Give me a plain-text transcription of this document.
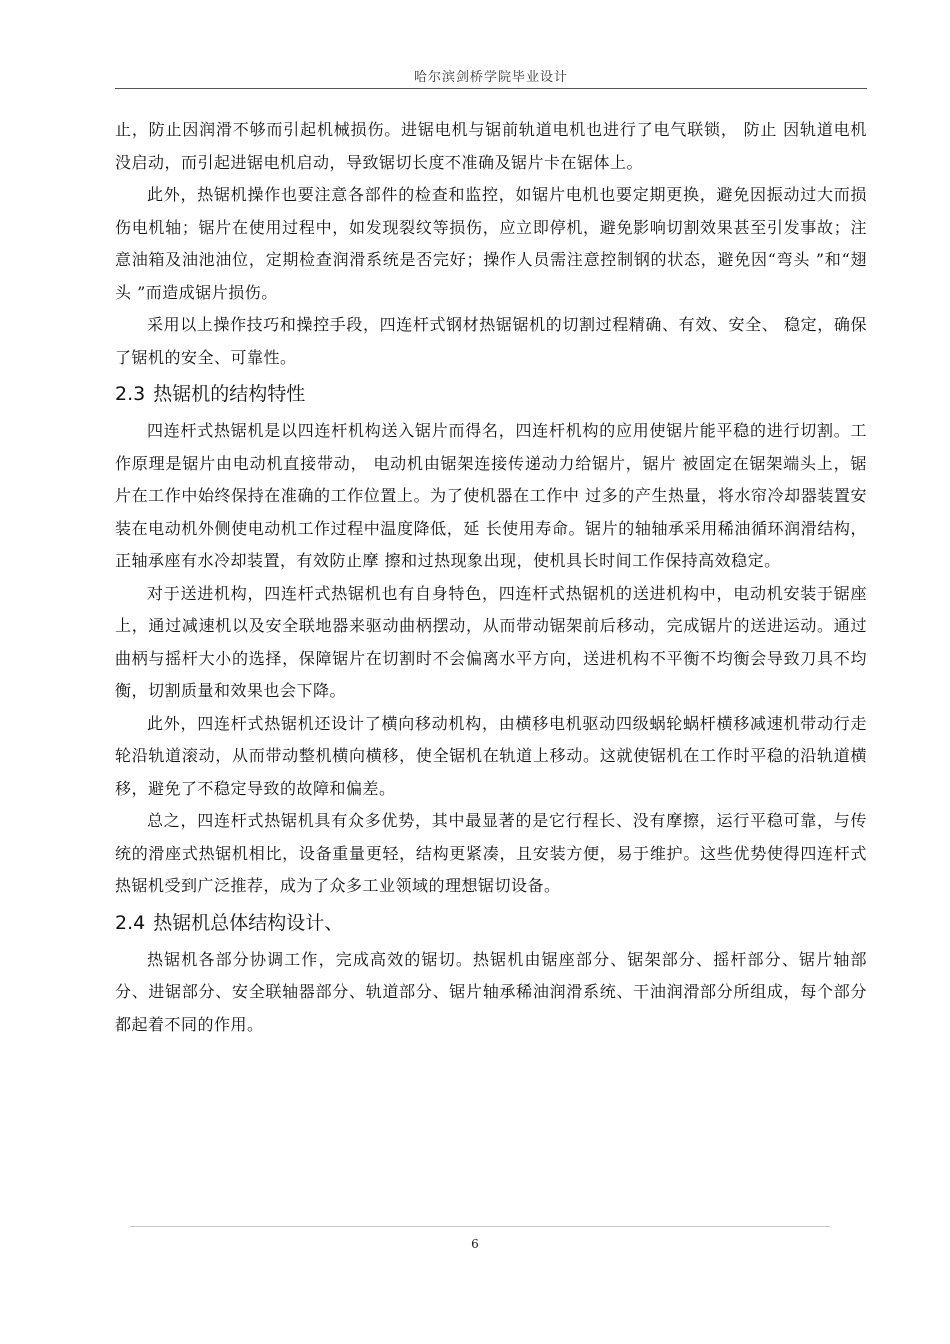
哈尔滨剑桥学院毕业设计

止，防止因润滑不够而引起机械损伤。进锯电机与锯前轨道电机也进行了电气联锁， 防止 因轨道电机没启动，而引起进锯电机启动，导致锯切长度不准确及锯片卡在锯体上。

此外，热锯机操作也要注意各部件的检查和监控，如锯片电机也要定期更换，避免因振动过大而损伤电机轴；锯片在使用过程中，如发现裂纹等损伤，应立即停机，避免影响切割效果甚至引发事故；注意油箱及油池油位，定期检查润滑系统是否完好；操作人员需注意控制钢的状态，避免因“弯头 ”和“翅头 ”而造成锯片损伤。

采用以上操作技巧和操控手段，四连杆式钢材热锯锯机的切割过程精确、有效、安全、 稳定，确保了锯机的安全、可靠性。

2.3 热锯机的结构特性

四连杆式热锯机是以四连杆机构送入锯片而得名，四连杆机构的应用使锯片能平稳的进行切割。工作原理是锯片由电动机直接带动， 电动机由锯架连接传递动力给锯片，锯片 被固定在锯架端头上，锯片在工作中始终保持在准确的工作位置上。为了使机器在工作中 过多的产生热量，将水帘冷却器装置安装在电动机外侧使电动机工作过程中温度降低，延 长使用寿命。锯片的轴轴承采用稀油循环润滑结构， 正轴承座有水冷却装置，有效防止摩 擦和过热现象出现，使机具长时间工作保持高效稳定。

对于送进机构，四连杆式热锯机也有自身特色，四连杆式热锯机的送进机构中，电动机安装于锯座上，通过减速机以及安全联地器来驱动曲柄摆动，从而带动锯架前后移动，完成锯片的送进运动。通过曲柄与摇杆大小的选择，保障锯片在切割时不会偏离水平方向，送进机构不平衡不均衡会导致刀具不均衡，切割质量和效果也会下降。

此外，四连杆式热锯机还设计了横向移动机构，由横移电机驱动四级蜗轮蜗杆横移减速机带动行走轮沿轨道滚动，从而带动整机横向横移，使全锯机在轨道上移动。这就使锯机在工作时平稳的沿轨道横移，避免了不稳定导致的故障和偏差。

总之，四连杆式热锯机具有众多优势，其中最显著的是它行程长、没有摩擦，运行平稳可靠，与传统的滑座式热锯机相比，设备重量更轻，结构更紧凑，且安装方便，易于维护。这些优势使得四连杆式热锯机受到广泛推荐，成为了众多工业领域的理想锯切设备。

2.4 热锯机总体结构设计、

热锯机各部分协调工作，完成高效的锯切。热锯机由锯座部分、锯架部分、摇杆部分、锯片轴部分、进锯部分、安全联轴器部分、轨道部分、锯片轴承稀油润滑系统、干油润滑部分所组成，每个部分都起着不同的作用。

6
